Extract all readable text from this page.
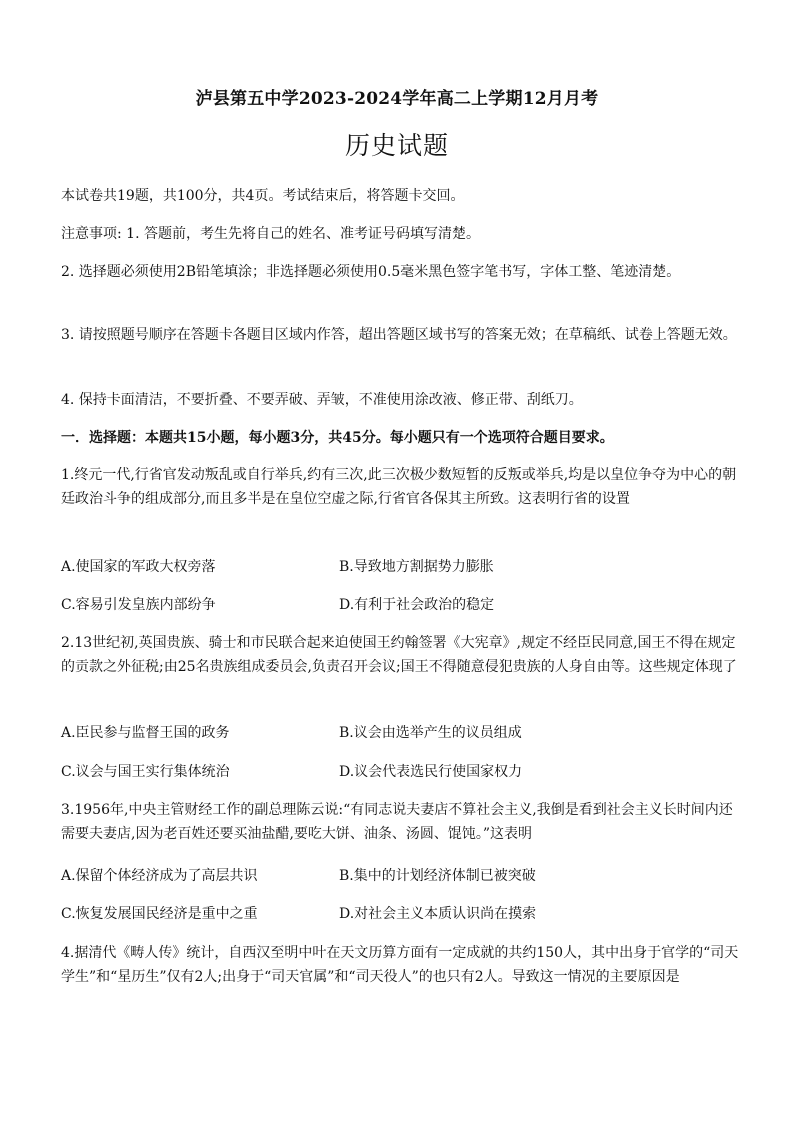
泸县第五中学2023-2024学年高二上学期12月月考
历史试题
本试卷共19题，共100分，共4页。考试结束后，将答题卡交回。
注意事项: 1. 答题前，考生先将自己的姓名、准考证号码填写清楚。
2. 选择题必须使用2B铅笔填涂；非选择题必须使用0.5毫米黑色签字笔书写，字体工整、笔迹清楚。
3. 请按照题号顺序在答题卡各题目区域内作答，超出答题区域书写的答案无效；在草稿纸、试卷上答题无效。
4. 保持卡面清洁，不要折叠、不要弄破、弄皱，不准使用涂改液、修正带、刮纸刀。
一．选择题：本题共15小题，每小题3分，共45分。每小题只有一个选项符合题目要求。
1.终元一代,行省官发动叛乱或自行举兵,约有三次,此三次极少数短暂的反叛或举兵,均是以皇位争夺为中心的朝廷政治斗争的组成部分,而且多半是在皇位空虚之际,行省官各保其主所致。这表明行省的设置
A.使国家的军政大权旁落	B.导致地方割据势力膨胀
C.容易引发皇族内部纷争	D.有利于社会政治的稳定
2.13世纪初,英国贵族、骑士和市民联合起来迫使国王约翰签署《大宪章》,规定不经臣民同意,国王不得在规定的贡款之外征税;由25名贵族组成委员会,负责召开会议;国王不得随意侵犯贵族的人身自由等。这些规定体现了
A.臣民参与监督王国的政务	B.议会由选举产生的议员组成
C.议会与国王实行集体统治	D.议会代表选民行使国家权力
3.1956年,中央主管财经工作的副总理陈云说:“有同志说夫妻店不算社会主义,我倒是看到社会主义长时间内还需要夫妻店,因为老百姓还要买油盐醋,要吃大饼、油条、汤圆、馄饨。”这表明
A.保留个体经济成为了高层共识	B.集中的计划经济体制已被突破
C.恢复发展国民经济是重中之重	D.对社会主义本质认识尚在摸索
4.据清代《畴人传》统计，自西汉至明中叶在天文历算方面有一定成就的共约150人，其中出身于官学的“司天学生”和“星历生”仅有2人;出身于“司天官属”和“司天役人”的也只有2人。导致这一情况的主要原因是
